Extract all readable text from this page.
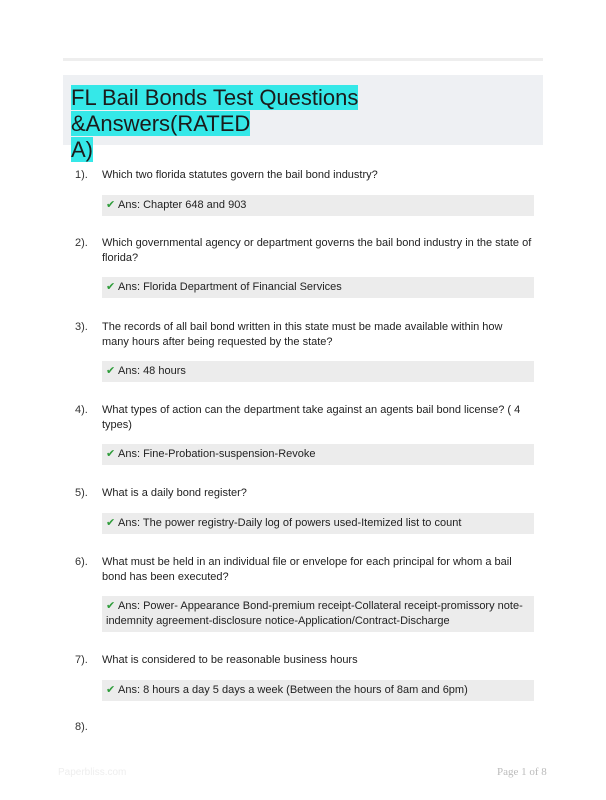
FL Bail Bonds Test Questions &Answers(RATED
A)
1). Which two florida statutes govern the bail bond industry?
✔ Ans: Chapter 648 and 903
2). Which governmental agency or department governs the bail bond industry in the state of florida?
✔ Ans: Florida Department of Financial Services
3). The records of all bail bond written in this state must be made available within how many hours after being requested by the state?
✔ Ans: 48 hours
4). What types of action can the department take against an agents bail bond license? ( 4 types)
✔ Ans: Fine-Probation-suspension-Revoke
5). What is a daily bond register?
✔ Ans: The power registry-Daily log of powers used-Itemized list to count
6). What must be held in an individual file or envelope for each principal for whom a bail bond has been executed?
✔ Ans: Power- Appearance Bond-premium receipt-Collateral receipt-promissory note-indemnity agreement-disclosure notice-Application/Contract-Discharge
7). What is considered to be reasonable business hours
✔ Ans: 8 hours a day 5 days a week (Between the hours of 8am and 6pm)
8).
Paperbliss.com	Page 1 of 8
